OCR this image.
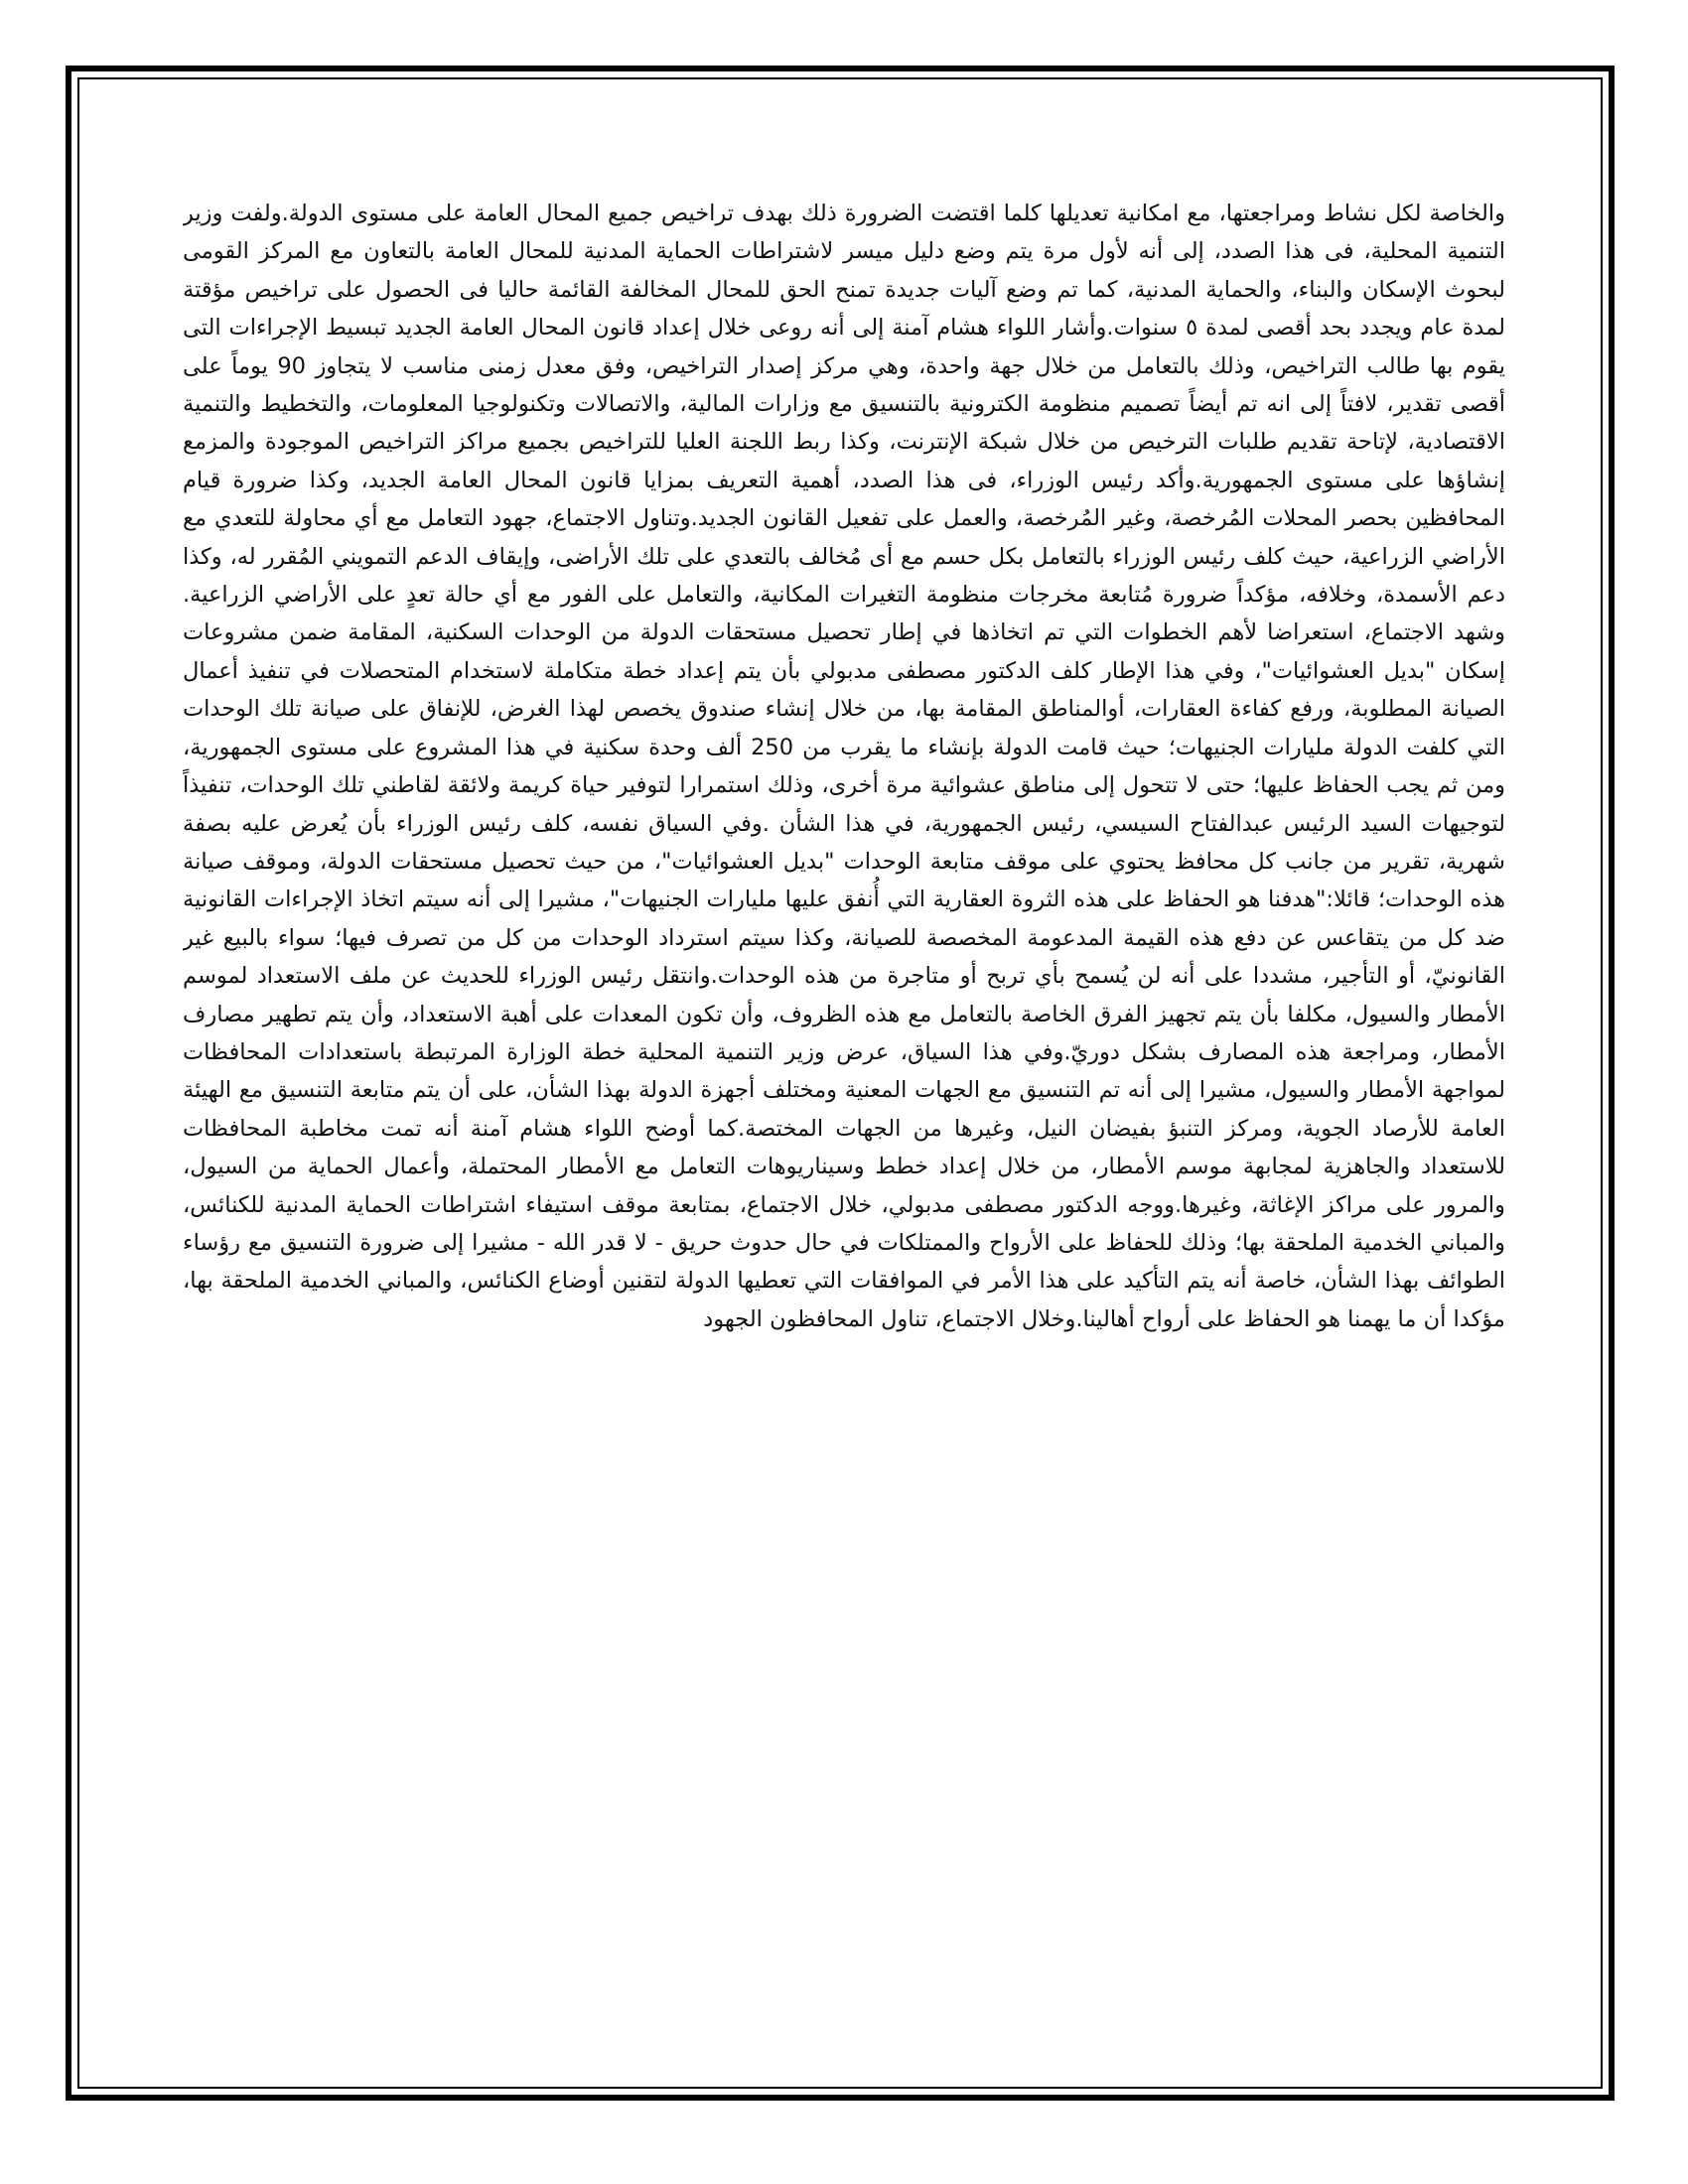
والخاصة لكل نشاط ومراجعتها، مع امكانية تعديلها كلما اقتضت الضرورة ذلك بهدف تراخيص جميع المحال العامة على مستوى الدولة.ولفت وزير التنمية المحلية، فى هذا الصدد، إلى أنه لأول مرة يتم وضع دليل ميسر لاشتراطات الحماية المدنية للمحال العامة بالتعاون مع المركز القومى لبحوث الإسكان والبناء، والحماية المدنية، كما تم وضع آليات جديدة تمنح الحق للمحال المخالفة القائمة حاليا فى الحصول على تراخيص مؤقتة لمدة عام ويجدد بحد أقصى لمدة ٥ سنوات.وأشار اللواء هشام آمنة إلى أنه روعى خلال إعداد قانون المحال العامة الجديد تبسيط الإجراءات التى يقوم بها طالب التراخيص، وذلك بالتعامل من خلال جهة واحدة، وهي مركز إصدار التراخيص، وفق معدل زمنى مناسب لا يتجاوز 90 يوماً على أقصى تقدير، لافتاً إلى انه تم أيضاً تصميم منظومة الكترونية بالتنسيق مع وزارات المالية، والاتصالات وتكنولوجيا المعلومات، والتخطيط والتنمية الاقتصادية، لإتاحة تقديم طلبات الترخيص من خلال شبكة الإنترنت، وكذا ربط اللجنة العليا للتراخيص بجميع مراكز التراخيص الموجودة والمزمع إنشاؤها على مستوى الجمهورية.وأكد رئيس الوزراء، فى هذا الصدد، أهمية التعريف بمزايا قانون المحال العامة الجديد، وكذا ضرورة قيام المحافظين بحصر المحلات المُرخصة، وغير المُرخصة، والعمل على تفعيل القانون الجديد.وتناول الاجتماع، جهود التعامل مع أي محاولة للتعدي مع الأراضي الزراعية، حيث كلف رئيس الوزراء بالتعامل بكل حسم مع أى مُخالف بالتعدي على تلك الأراضى، وإيقاف الدعم التمويني المُقرر له، وكذا دعم الأسمدة، وخلافه، مؤكداً ضرورة مُتابعة مخرجات منظومة التغيرات المكانية، والتعامل على الفور مع أي حالة تعدٍ على الأراضي الزراعية. وشهد الاجتماع، استعراضا لأهم الخطوات التي تم اتخاذها في إطار تحصيل مستحقات الدولة من الوحدات السكنية، المقامة ضمن مشروعات إسكان "بديل العشوائيات"، وفي هذا الإطار كلف الدكتور مصطفى مدبولي بأن يتم إعداد خطة متكاملة لاستخدام المتحصلات في تنفيذ أعمال الصيانة المطلوبة، ورفع كفاءة العقارات، أوالمناطق المقامة بها، من خلال إنشاء صندوق يخصص لهذا الغرض، للإنفاق على صيانة تلك الوحدات التي كلفت الدولة مليارات الجنيهات؛ حيث قامت الدولة بإنشاء ما يقرب من 250 ألف وحدة سكنية في هذا المشروع على مستوى الجمهورية، ومن ثم يجب الحفاظ عليها؛ حتى لا تتحول إلى مناطق عشوائية مرة أخرى، وذلك استمرارا لتوفير حياة كريمة ولائقة لقاطني تلك الوحدات، تنفيذاً لتوجيهات السيد الرئيس عبدالفتاح السيسي، رئيس الجمهورية، في هذا الشأن .وفي السياق نفسه، كلف رئيس الوزراء بأن يُعرض عليه بصفة شهرية، تقرير من جانب كل محافظ يحتوي على موقف متابعة الوحدات "بديل العشوائيات"، من حيث تحصيل مستحقات الدولة، وموقف صيانة هذه الوحدات؛ قائلا:"هدفنا هو الحفاظ على هذه الثروة العقارية التي أُنفق عليها مليارات الجنيهات"، مشيرا إلى أنه سيتم اتخاذ الإجراءات القانونية ضد كل من يتقاعس عن دفع هذه القيمة المدعومة المخصصة للصيانة، وكذا سيتم استرداد الوحدات من كل من تصرف فيها؛ سواء بالبيع غير القانونيّ، أو التأجير، مشددا على أنه لن يُسمح بأي تربح أو متاجرة من هذه الوحدات.وانتقل رئيس الوزراء للحديث عن ملف الاستعداد لموسم الأمطار والسيول، مكلفا بأن يتم تجهيز الفرق الخاصة بالتعامل مع هذه الظروف، وأن تكون المعدات على أهبة الاستعداد، وأن يتم تطهير مصارف الأمطار، ومراجعة هذه المصارف بشكل دوريّ.وفي هذا السياق، عرض وزير التنمية المحلية خطة الوزارة المرتبطة باستعدادات المحافظات لمواجهة الأمطار والسيول، مشيرا إلى أنه تم التنسيق مع الجهات المعنية ومختلف أجهزة الدولة بهذا الشأن، على أن يتم متابعة التنسيق مع الهيئة العامة للأرصاد الجوية، ومركز التنبؤ بفيضان النيل، وغيرها من الجهات المختصة.كما أوضح اللواء هشام آمنة أنه تمت مخاطبة المحافظات للاستعداد والجاهزية لمجابهة موسم الأمطار، من خلال إعداد خطط وسيناريوهات التعامل مع الأمطار المحتملة، وأعمال الحماية من السيول، والمرور على مراكز الإغاثة، وغيرها.ووجه الدكتور مصطفى مدبولي، خلال الاجتماع، بمتابعة موقف استيفاء اشتراطات الحماية المدنية للكنائس، والمباني الخدمية الملحقة بها؛ وذلك للحفاظ على الأرواح والممتلكات في حال حدوث حريق - لا قدر الله - مشيرا إلى ضرورة التنسيق مع رؤساء الطوائف بهذا الشأن، خاصة أنه يتم التأكيد على هذا الأمر في الموافقات التي تعطيها الدولة لتقنين أوضاع الكنائس، والمباني الخدمية الملحقة بها، مؤكدا أن ما يهمنا هو الحفاظ على أرواح أهالينا.وخلال الاجتماع، تناول المحافظون الجهود
